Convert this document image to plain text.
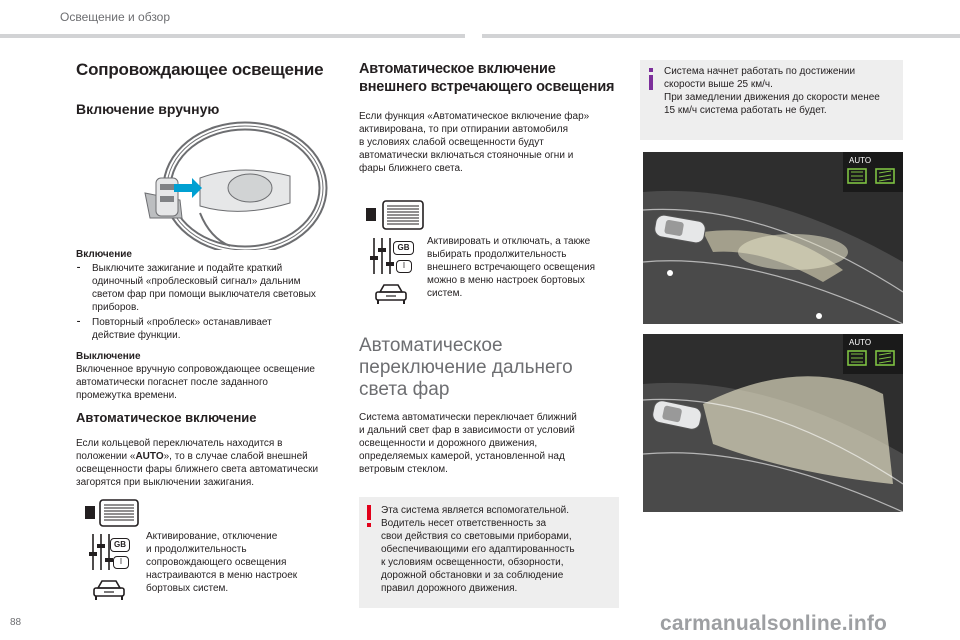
Освещение и обзор
Сопровождающее освещение
Включение вручную
Включение
⁃ Выключите зажигание и подайте краткий
одиночный «проблесковый сигнал» дальним
светом фар при помощи выключателя световых
приборов.
⁃ Повторный «проблеск» останавливает
действие функции.
Выключение
Включенное вручную сопровождающее освещение
автоматически погаснет после заданного
промежутка времени.
Автоматическое включение
Если кольцевой переключатель находится в
положении «AUTO», то в случае слабой внешней
освещенности фары ближнего света автоматически
загорятся при выключении зажигания.
GB
I
Активирование, отключение
и продолжительность
сопровождающего освещения
настраиваются в меню настроек
бортовых систем.
Автоматическое включение
внешнего встречающего освещения
Если функция «Автоматическое включение фар»
активирована, то при отпирании автомобиля
в условиях слабой освещенности будут
автоматически включаться стояночные огни и
фары ближнего света.
GB
I
Активировать и отключать, а также
выбирать продолжительность
внешнего встречающего освещения
можно в меню настроек бортовых
систем.
Автоматическое
переключение дальнего
света фар
Система автоматически переключает ближний
и дальний свет фар в зависимости от условий
освещенности и дорожного движения,
определяемых камерой, установленной над
ветровым стеклом.
Эта система является вспомогательной.
Водитель несет ответственность за
свои действия со световыми приборами,
обеспечивающими его адаптированность
к условиям освещенности, обзорности,
дорожной обстановки и за соблюдение
правил дорожного движения.
Система начнет работать по достижении
скорости выше 25 км/ч.
При замедлении движения до скорости менее
15 км/ч система работать не будет.
AUTO
AUTO
88	carmanualsonline.info
